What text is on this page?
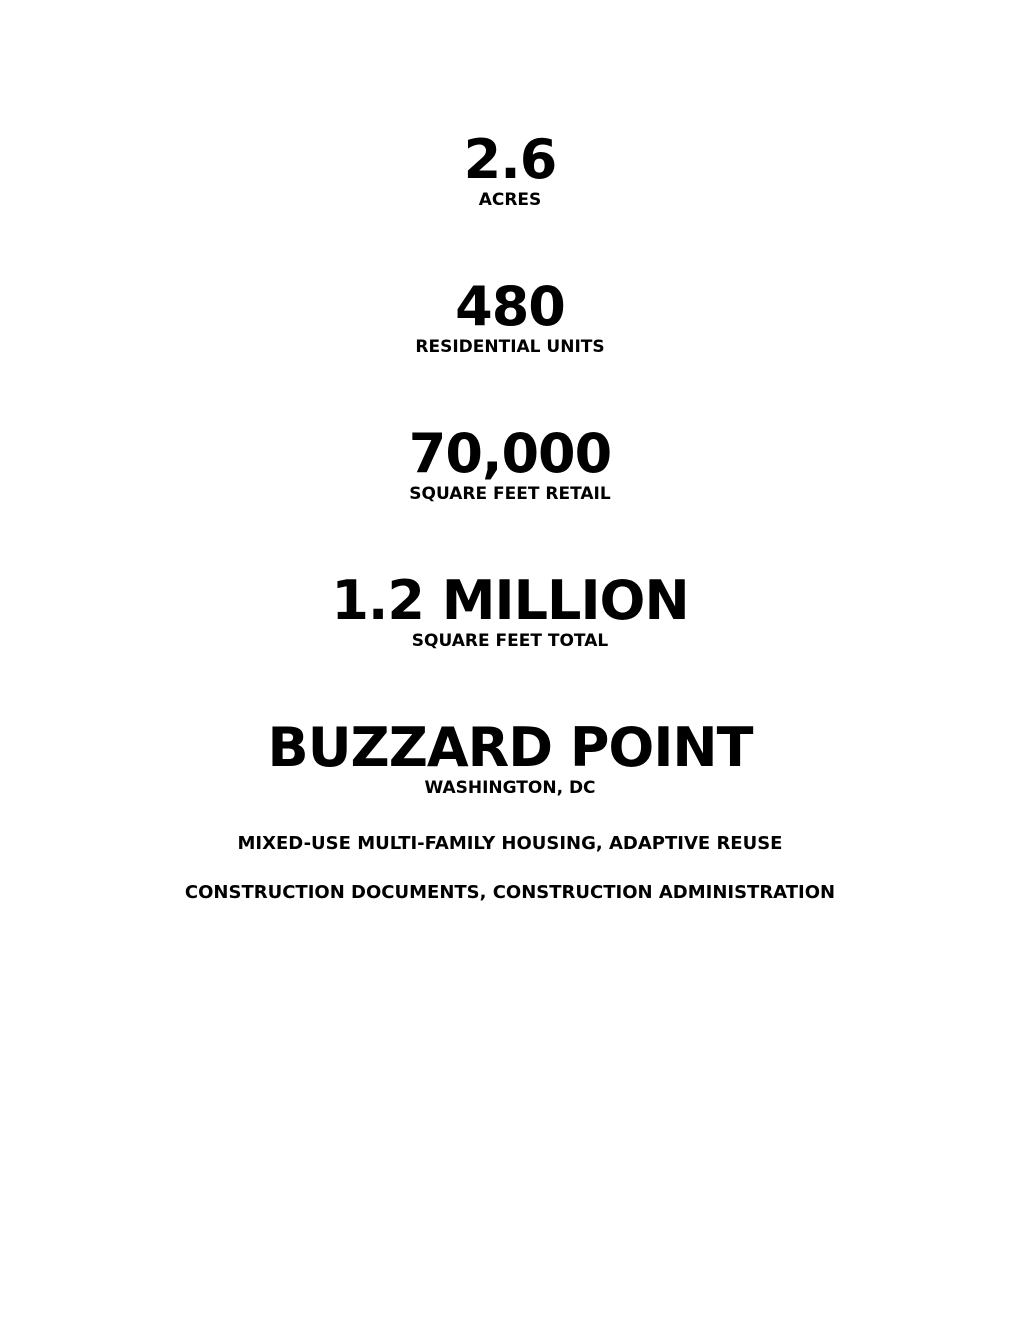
2.6
ACRES
480
RESIDENTIAL UNITS
70,000
SQUARE FEET RETAIL
1.2 MILLION
SQUARE FEET TOTAL
BUZZARD POINT
WASHINGTON, DC
MIXED-USE MULTI-FAMILY HOUSING, ADAPTIVE REUSE
CONSTRUCTION DOCUMENTS, CONSTRUCTION ADMINISTRATION
